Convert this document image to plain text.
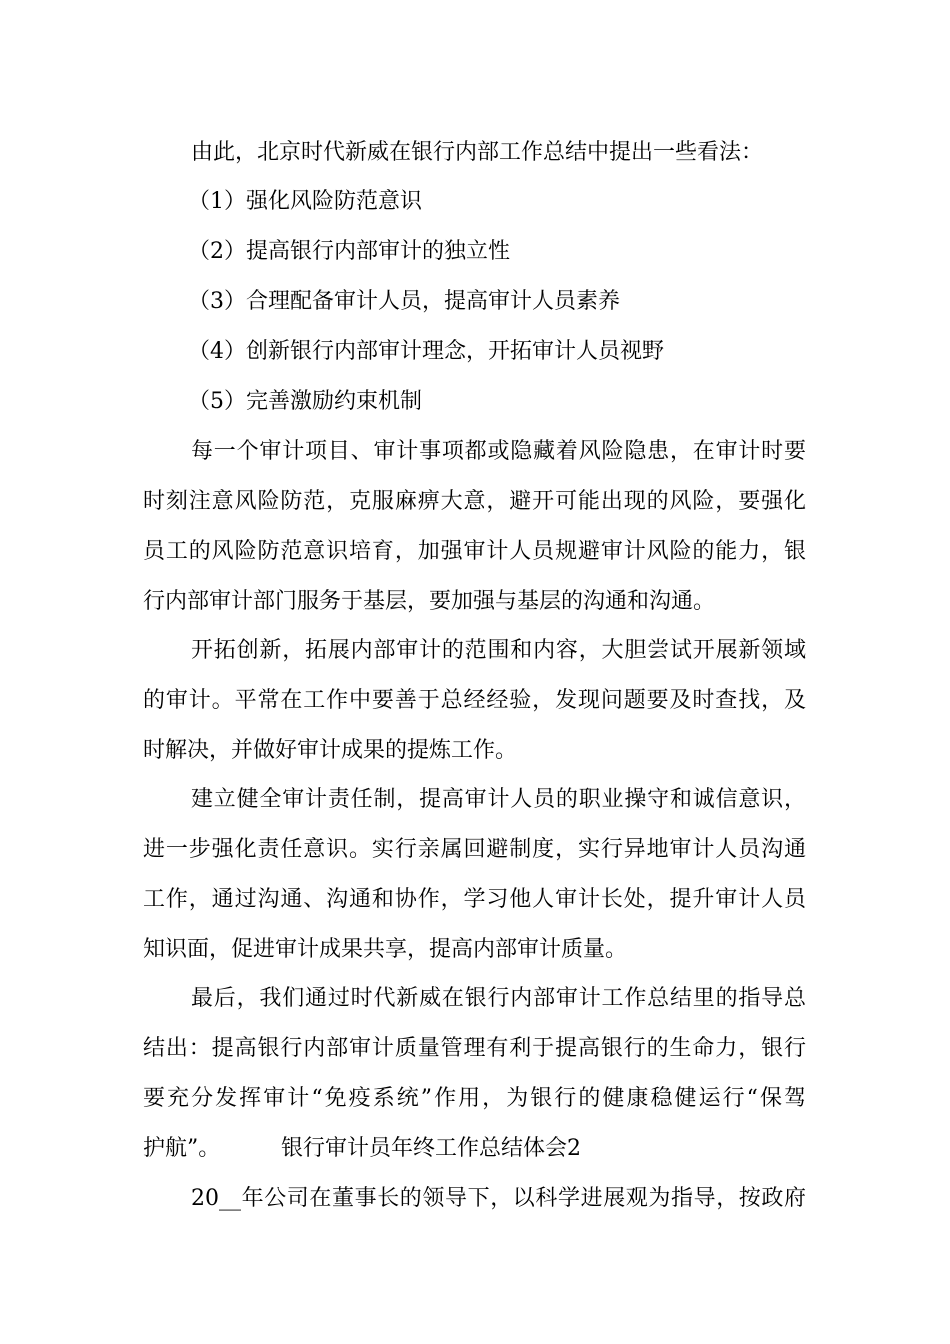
由此，北京时代新威在银行内部工作总结中提出一些看法：
（1）强化风险防范意识
（2）提高银行内部审计的独立性
（3）合理配备审计人员，提高审计人员素养
（4）创新银行内部审计理念，开拓审计人员视野
（5）完善激励约束机制
每一个审计项目、审计事项都或隐藏着风险隐患，在审计时要
时刻注意风险防范，克服麻痹大意，避开可能出现的风险，要强化
员工的风险防范意识培育，加强审计人员规避审计风险的能力，银
行内部审计部门服务于基层，要加强与基层的沟通和沟通。
开拓创新，拓展内部审计的范围和内容，大胆尝试开展新领域
的审计。平常在工作中要善于总经经验，发现问题要及时查找，及
时解决，并做好审计成果的提炼工作。
建立健全审计责任制，提高审计人员的职业操守和诚信意识，
进一步强化责任意识。实行亲属回避制度，实行异地审计人员沟通
工作，通过沟通、沟通和协作，学习他人审计长处，提升审计人员
知识面，促进审计成果共享，提高内部审计质量。
最后，我们通过时代新威在银行内部审计工作总结里的指导总
结出：提高银行内部审计质量管理有利于提高银行的生命力，银行
要充分发挥审计“免疫系统”作用，为银行的健康稳健运行“保驾
护航”。	银行审计员年终工作总结体会2
20__年公司在董事长的领导下，以科学进展观为指导，按政府
